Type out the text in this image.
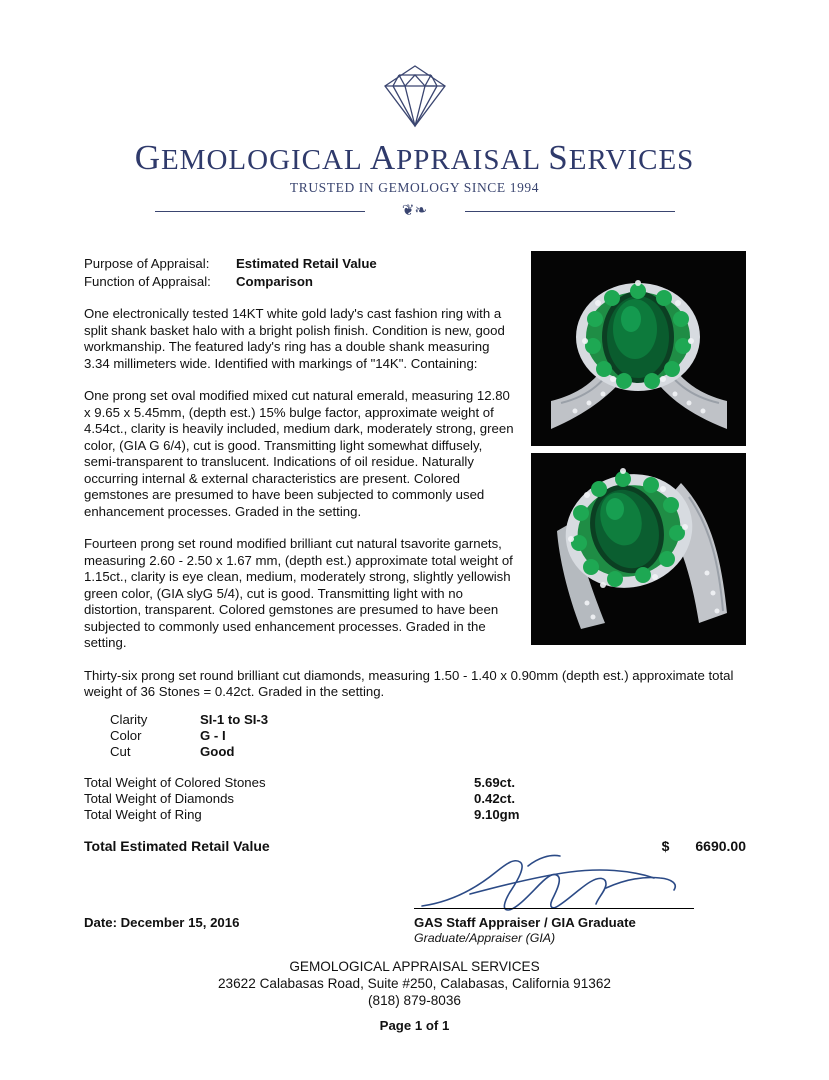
GEMOLOGICAL APPRAISAL SERVICES
TRUSTED IN GEMOLOGY SINCE 1994
❦❧
Purpose of Appraisal:	Estimated Retail Value
Function of Appraisal:	Comparison
One electronically tested 14KT white gold lady's cast fashion ring with a split shank basket halo with a bright polish finish. Condition is new, good workmanship. The featured lady's ring has a double shank measuring 3.34 millimeters wide. Identified with markings of "14K". Containing:
One prong set oval modified mixed cut natural emerald, measuring 12.80 x 9.65 x 5.45mm, (depth est.) 15% bulge factor, approximate weight of 4.54ct., clarity is heavily included, medium dark, moderately strong, green color, (GIA G 6/4), cut is good. Transmitting light somewhat diffusely, semi-transparent to translucent. Indications of oil residue. Naturally occurring internal & external characteristics are present. Colored gemstones are presumed to have been subjected to commonly used enhancement processes. Graded in the setting.
Fourteen prong set round modified brilliant cut natural tsavorite garnets, measuring 2.60 - 2.50 x 1.67 mm, (depth est.) approximate total weight of 1.15ct., clarity is eye clean, medium, moderately strong, slightly yellowish green color, (GIA slyG 5/4), cut is good. Transmitting light with no distortion, transparent. Colored gemstones are presumed to have been subjected to commonly used enhancement processes. Graded in the setting.
Thirty-six prong set round brilliant cut diamonds, measuring 1.50 - 1.40 x 0.90mm (depth est.) approximate total weight of 36 Stones = 0.42ct. Graded in the setting.
Clarity	SI-1 to SI-3
Color	G - I
Cut	Good
Total Weight of Colored Stones	5.69ct.
Total Weight of Diamonds	0.42ct.
Total Weight of Ring	9.10gm
Total Estimated Retail Value	$ 6690.00
GAS Staff Appraiser / GIA Graduate
Graduate/Appraiser (GIA)
Date: December 15, 2016
GEMOLOGICAL APPRAISAL SERVICES
23622 Calabasas Road, Suite #250, Calabasas, California 91362
(818) 879-8036
Page 1 of 1
